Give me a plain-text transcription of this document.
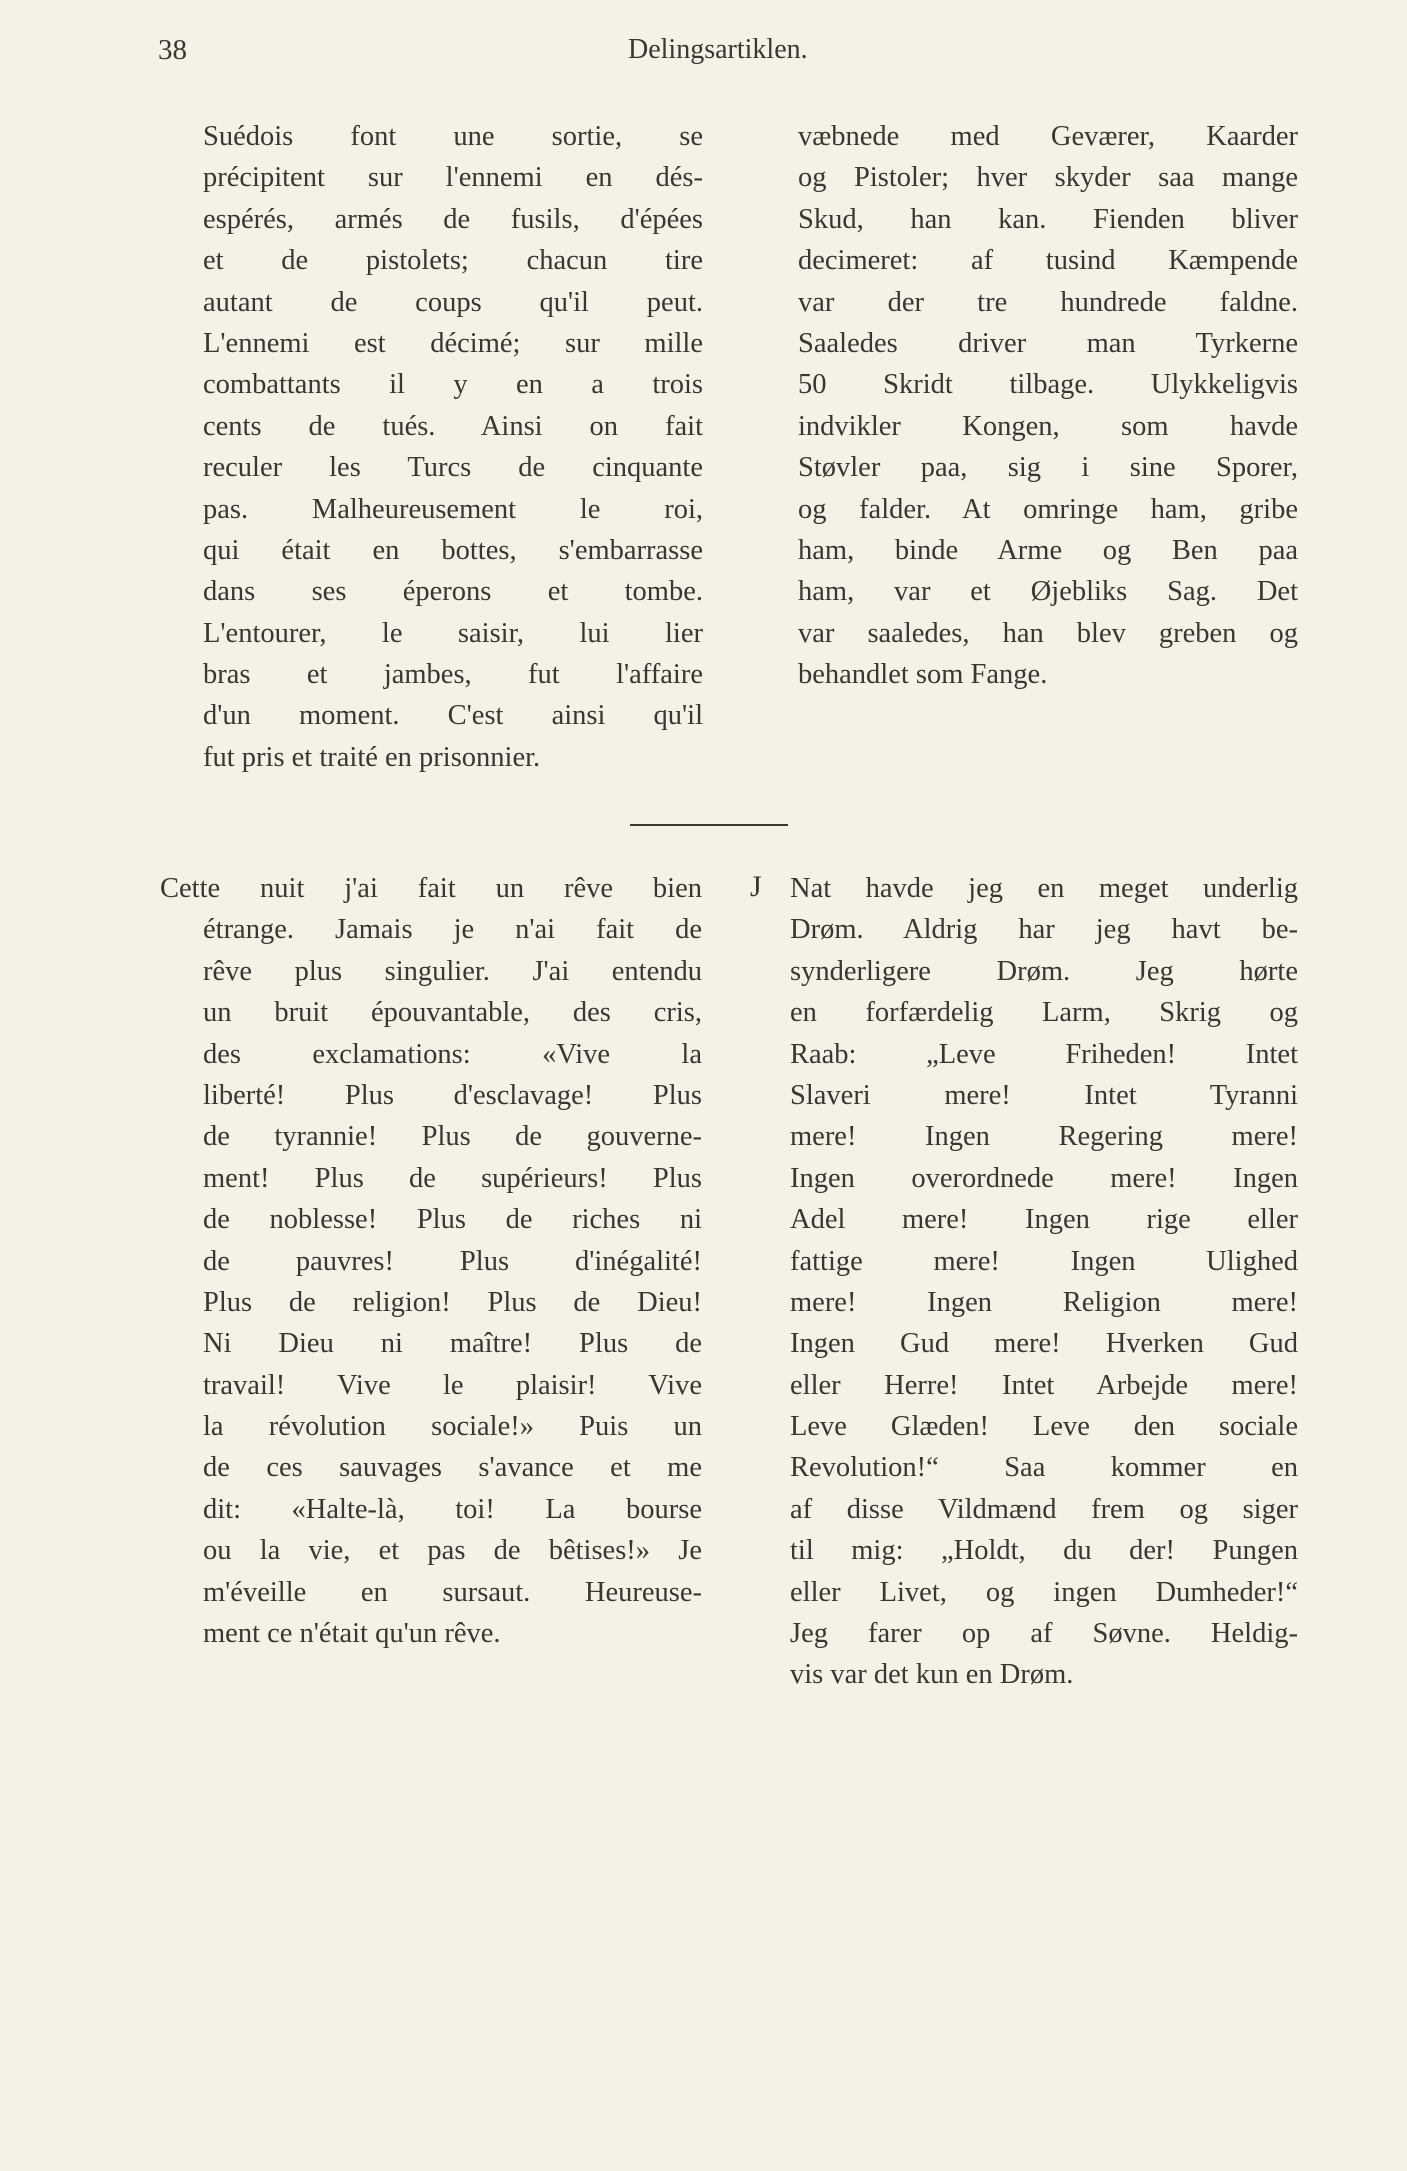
38	Delingsartiklen.
Suédois font une sortie, se
précipitent sur l'ennemi en dés-
espérés, armés de fusils, d'épées
et de pistolets; chacun tire
autant de coups qu'il peut.
L'ennemi est décimé; sur mille
combattants il y en a trois
cents de tués. Ainsi on fait
reculer les Turcs de cinquante
pas. Malheureusement le roi,
qui était en bottes, s'embarrasse
dans ses éperons et tombe.
L'entourer, le saisir, lui lier
bras et jambes, fut l'affaire
d'un moment. C'est ainsi qu'il
fut pris et traité en prisonnier.
væbnede med Geværer, Kaarder
og Pistoler; hver skyder saa mange
Skud, han kan. Fienden bliver
decimeret: af tusind Kæmpende
var der tre hundrede faldne.
Saaledes driver man Tyrkerne
50 Skridt tilbage. Ulykkeligvis
indvikler Kongen, som havde
Støvler paa, sig i sine Sporer,
og falder. At omringe ham, gribe
ham, binde Arme og Ben paa
ham, var et Øjebliks Sag. Det
var saaledes, han blev greben og
behandlet som Fange.
Cette nuit j'ai fait un rêve bien
étrange. Jamais je n'ai fait de
rêve plus singulier. J'ai entendu
un bruit épouvantable, des cris,
des exclamations: «Vive la
liberté! Plus d'esclavage! Plus
de tyrannie! Plus de gouverne-
ment! Plus de supérieurs! Plus
de noblesse! Plus de riches ni
de pauvres! Plus d'inégalité!
Plus de religion! Plus de Dieu!
Ni Dieu ni maître! Plus de
travail! Vive le plaisir! Vive
la révolution sociale!» Puis un
de ces sauvages s'avance et me
dit: «Halte-là, toi! La bourse
ou la vie, et pas de bêtises!» Je
m'éveille en sursaut. Heureuse-
ment ce n'était qu'un rêve.
J Nat havde jeg en meget underlig
Drøm. Aldrig har jeg havt be-
synderligere Drøm. Jeg hørte
en forfærdelig Larm, Skrig og
Raab: „Leve Friheden! Intet
Slaveri mere! Intet Tyranni
mere! Ingen Regering mere!
Ingen overordnede mere! Ingen
Adel mere! Ingen rige eller
fattige mere! Ingen Ulighed
mere! Ingen Religion mere!
Ingen Gud mere! Hverken Gud
eller Herre! Intet Arbejde mere!
Leve Glæden! Leve den sociale
Revolution!“ Saa kommer en
af disse Vildmænd frem og siger
til mig: „Holdt, du der! Pungen
eller Livet, og ingen Dumheder!“
Jeg farer op af Søvne. Heldig-
vis var det kun en Drøm.
